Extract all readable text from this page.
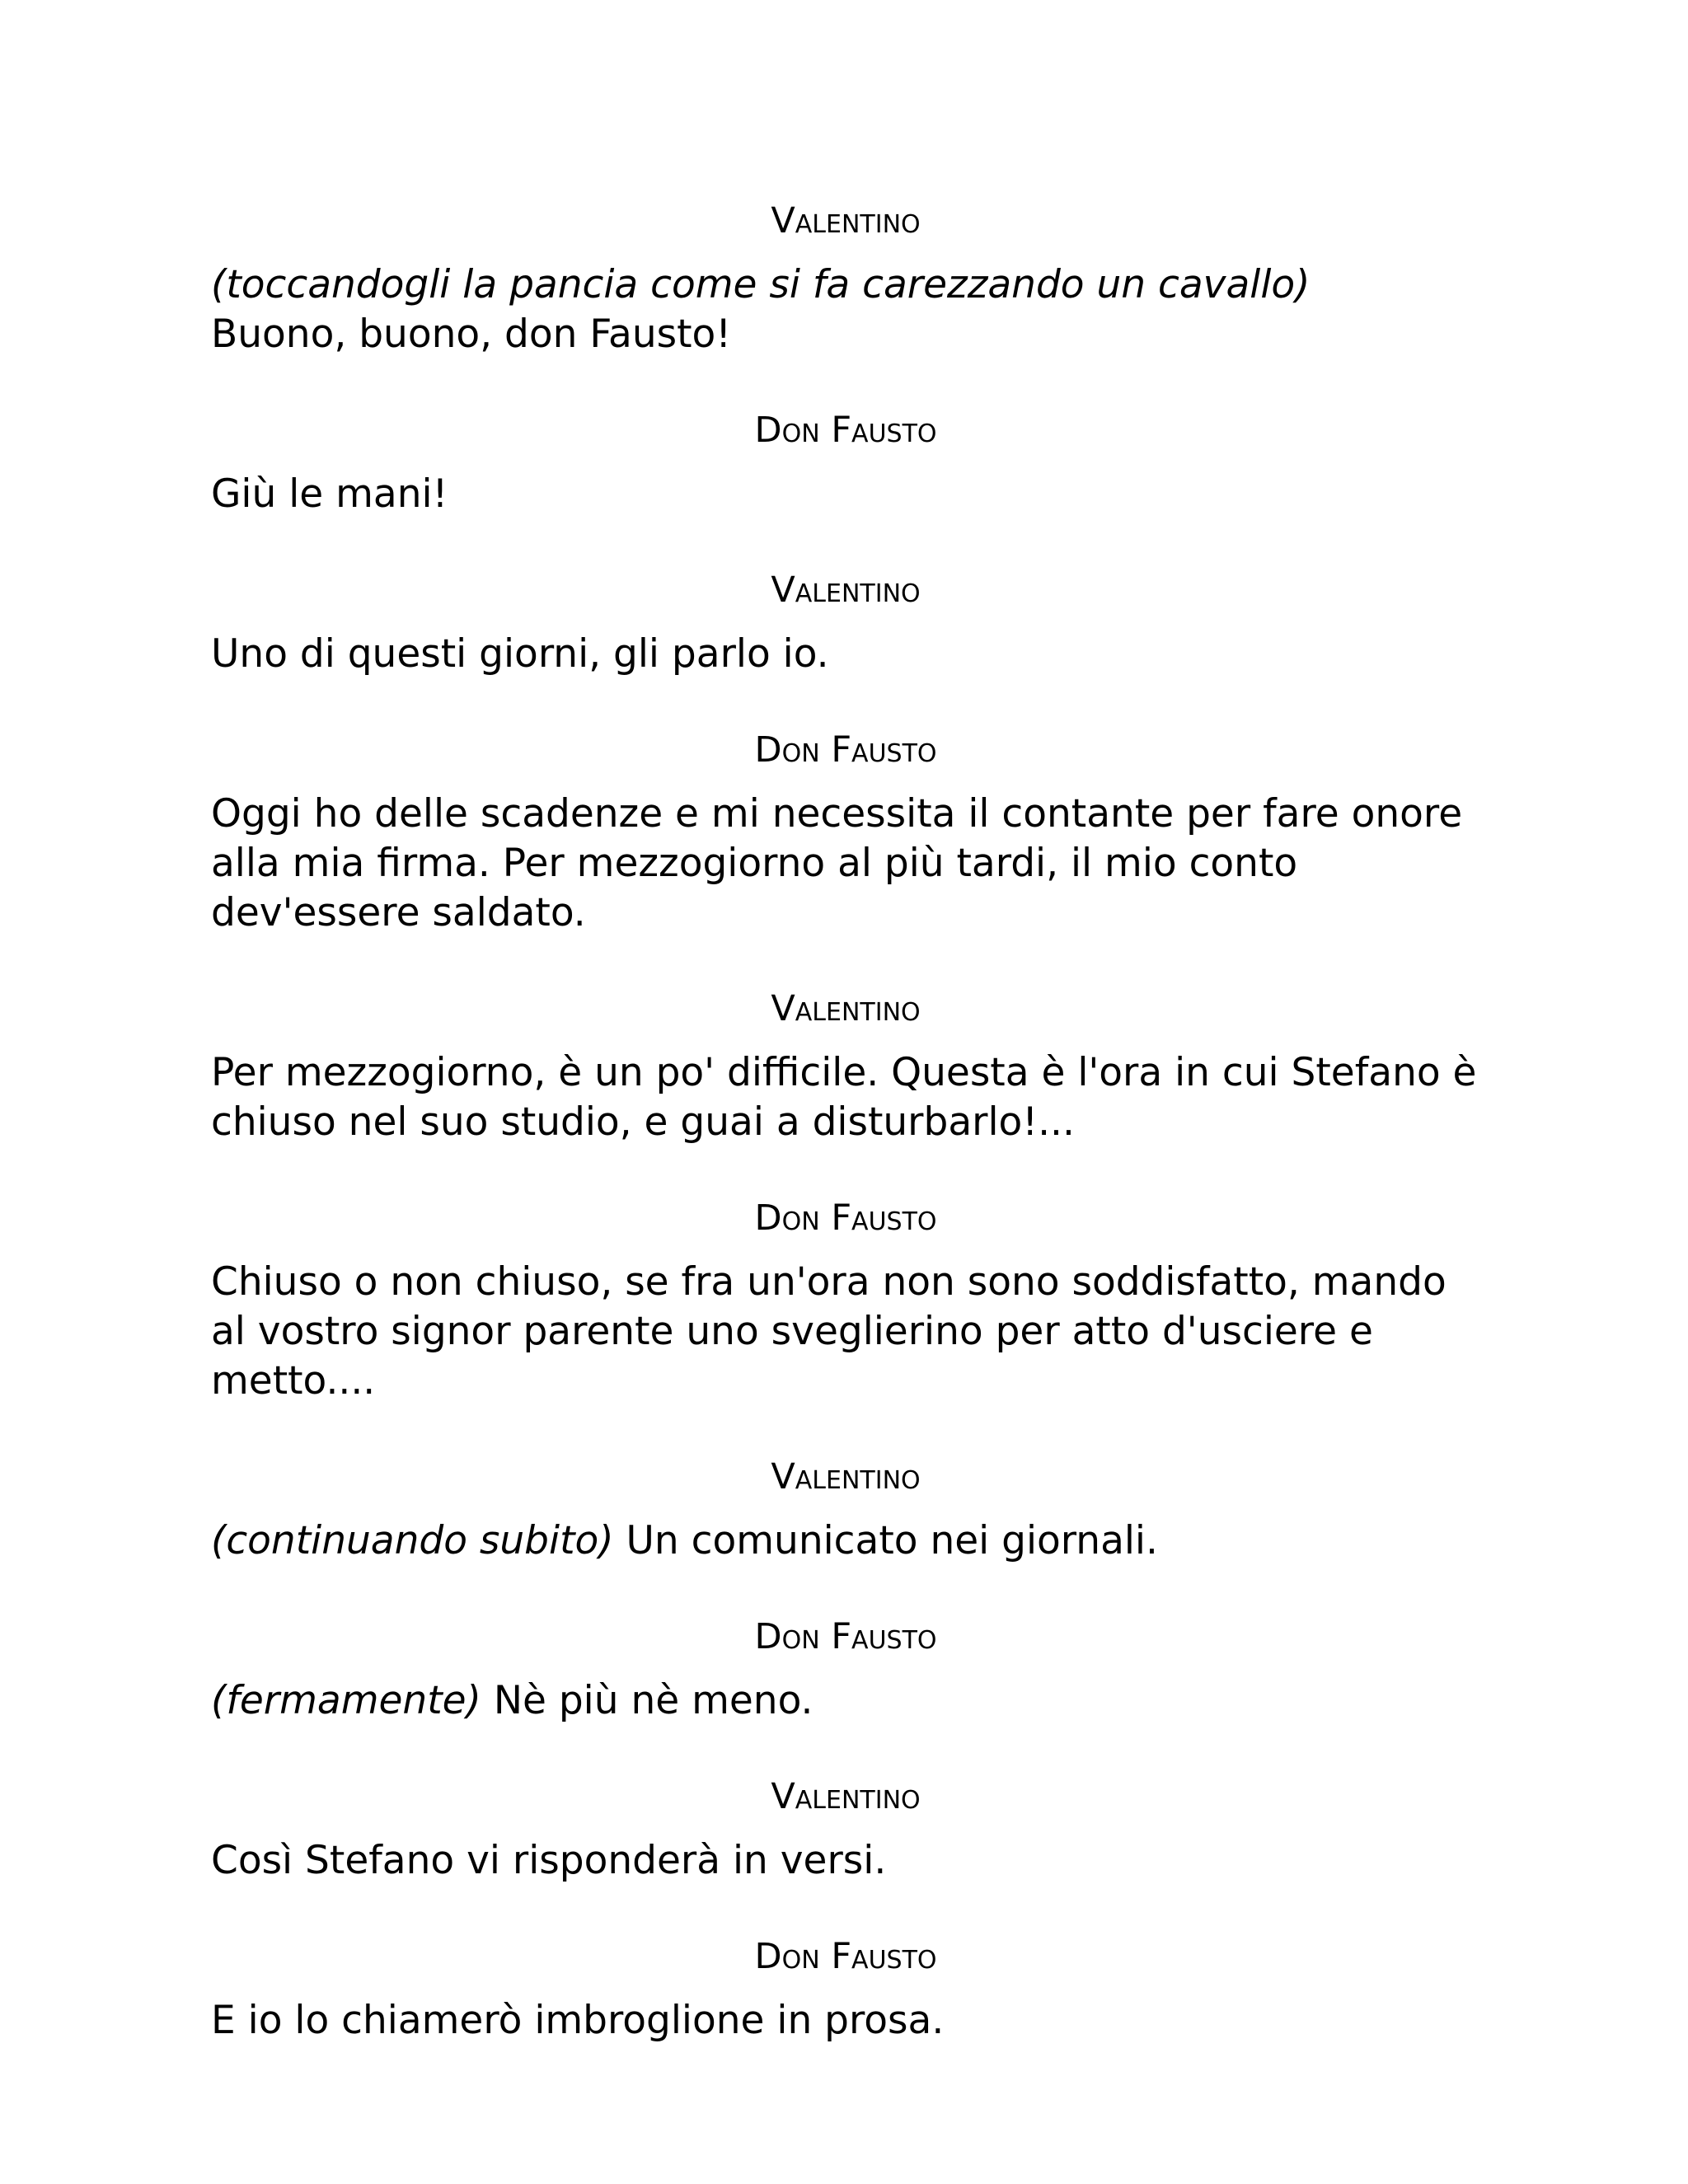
Valentino
(toccandogli la pancia come si fa carezzando un cavallo) Buono, buono, don Fausto!
Don Fausto
Giù le mani!
Valentino
Uno di questi giorni, gli parlo io.
Don Fausto
Oggi ho delle scadenze e mi necessita il contante per fare onore alla mia firma. Per mezzogiorno al più tardi, il mio conto dev'essere saldato.
Valentino
Per mezzogiorno, è un po' difficile. Questa è l'ora in cui Stefano è chiuso nel suo studio, e guai a disturbarlo!...
Don Fausto
Chiuso o non chiuso, se fra un'ora non sono soddisfatto, mando al vostro signor parente uno sveglierino per atto d'usciere e metto....
Valentino
(continuando subito) Un comunicato nei giornali.
Don Fausto
(fermamente) Nè più nè meno.
Valentino
Così Stefano vi risponderà in versi.
Don Fausto
E io lo chiamerò imbroglione in prosa.
